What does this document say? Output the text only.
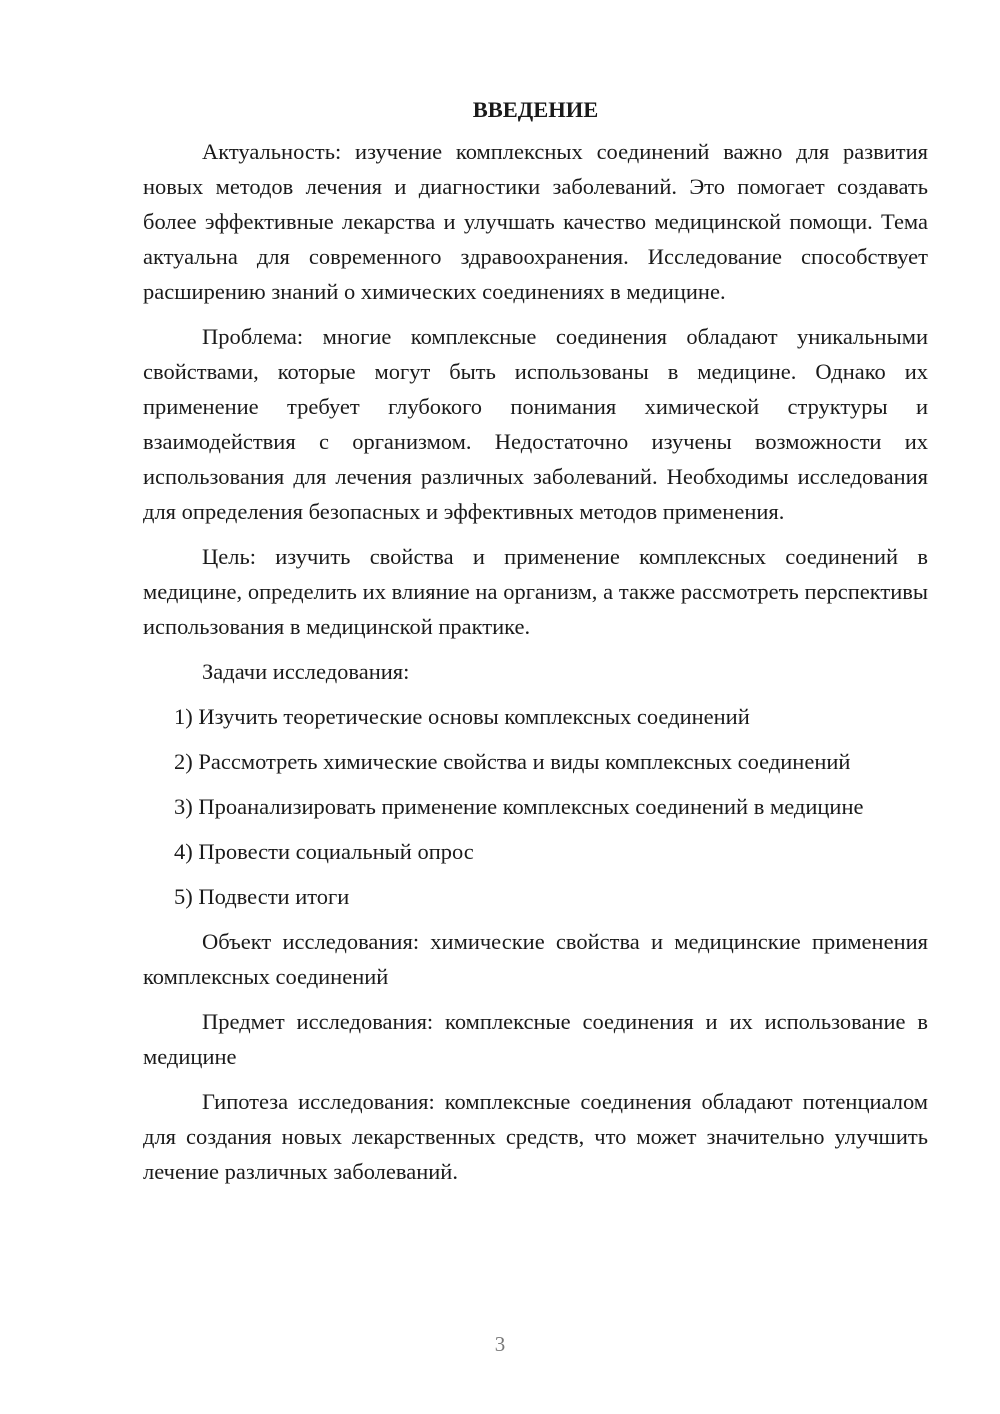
ВВЕДЕНИЕ

Актуальность: изучение комплексных соединений важно для развития новых методов лечения и диагностики заболеваний. Это помогает создавать более эффективные лекарства и улучшать качество медицинской помощи. Тема актуальна для современного здравоохранения. Исследование способствует расширению знаний о химических соединениях в медицине.

Проблема: многие комплексные соединения обладают уникальными свойствами, которые могут быть использованы в медицине. Однако их применение требует глубокого понимания химической структуры и взаимодействия с организмом. Недостаточно изучены возможности их использования для лечения различных заболеваний. Необходимы исследования для определения безопасных и эффективных методов применения.

Цель: изучить свойства и применение комплексных соединений в медицине, определить их влияние на организм, а также рассмотреть перспективы использования в медицинской практике.

Задачи исследования:

1) Изучить теоретические основы комплексных соединений

2) Рассмотреть химические свойства и виды комплексных соединений

3) Проанализировать применение комплексных соединений в медицине

4) Провести социальный опрос

5) Подвести итоги

Объект исследования: химические свойства и медицинские применения комплексных соединений

Предмет исследования: комплексные соединения и их использование в медицине

Гипотеза исследования: комплексные соединения обладают потенциалом для создания новых лекарственных средств, что может значительно улучшить лечение различных заболеваний.

3
